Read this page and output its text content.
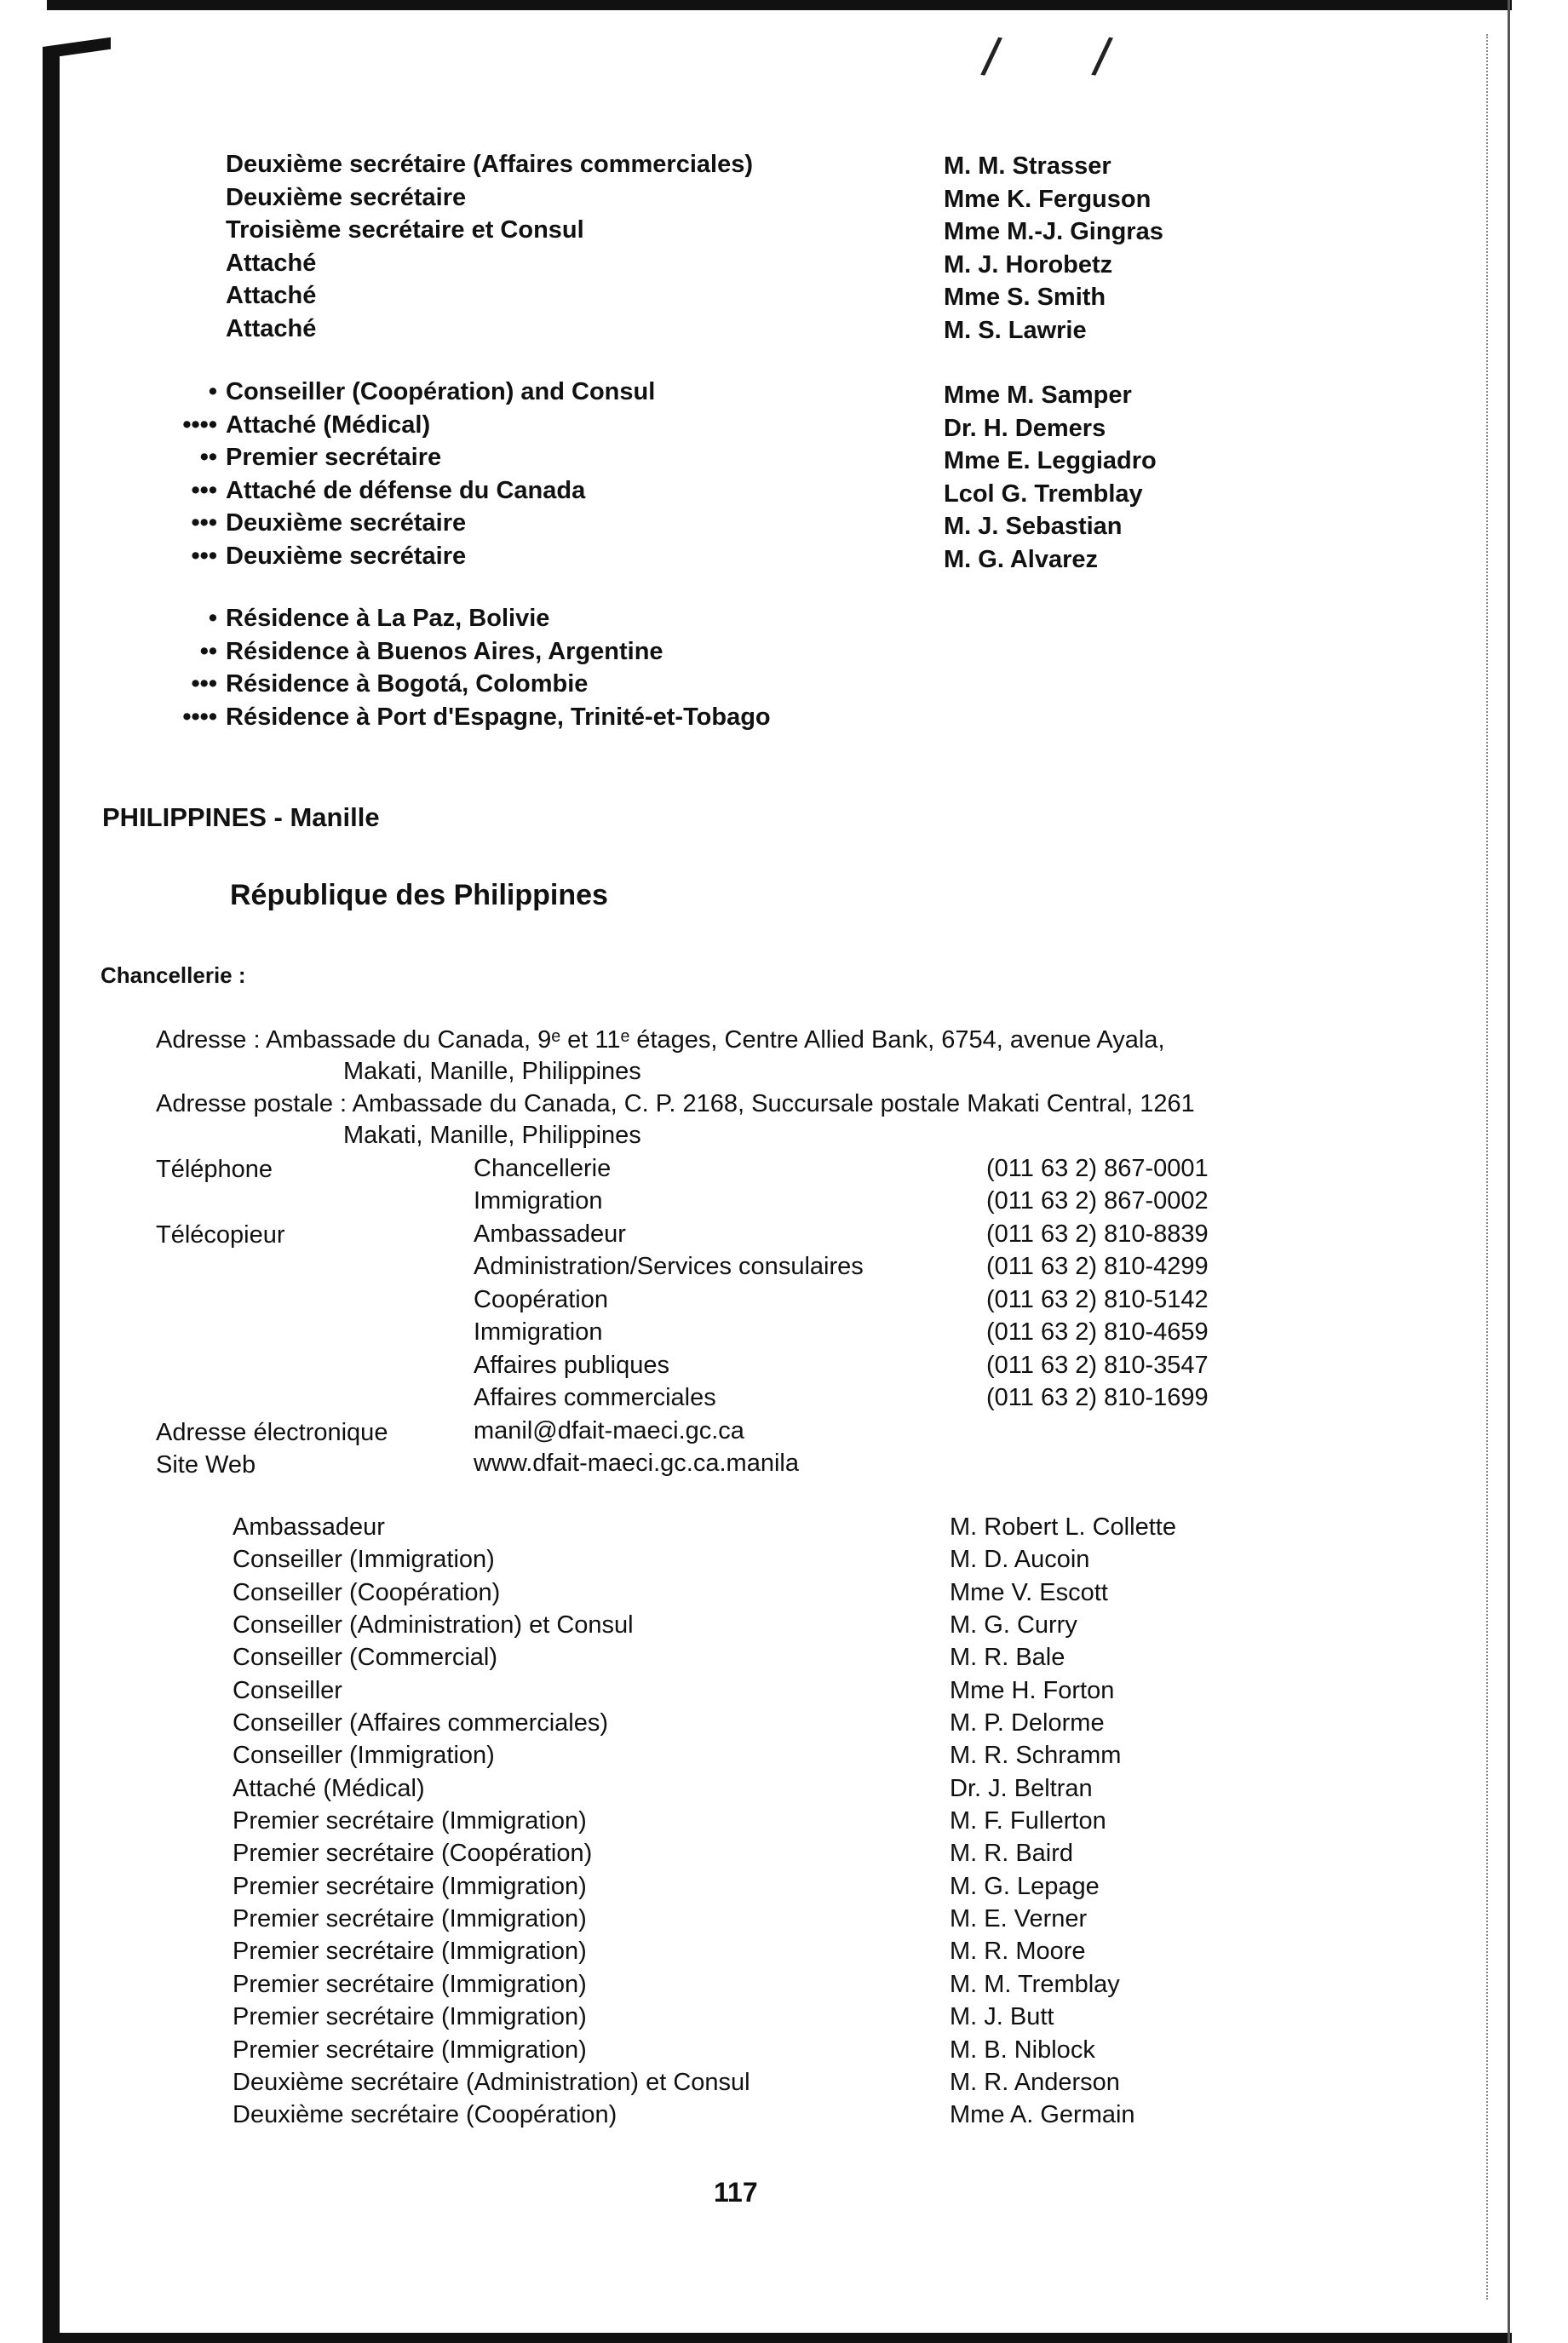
/ /
Deuxième secrétaire (Affaires commerciales)
Deuxième secrétaire
Troisième secrétaire et Consul
Attaché
Attaché
Attaché
M. M. Strasser
Mme K. Ferguson
Mme M.-J. Gingras
M. J. Horobetz
Mme S. Smith
M. S. Lawrie
•
••••
••
•••
•••
•••
Conseiller (Coopération) and Consul
Attaché (Médical)
Premier secrétaire
Attaché de défense du Canada
Deuxième secrétaire
Deuxième secrétaire
Mme M. Samper
Dr. H. Demers
Mme E. Leggiadro
Lcol G. Tremblay
M. J. Sebastian
M. G. Alvarez
•
••
•••
••••
Résidence à La Paz, Bolivie
Résidence à Buenos Aires, Argentine
Résidence à Bogotá, Colombie
Résidence à Port d'Espagne, Trinité-et-Tobago
PHILIPPINES - Manille
République des Philippines
Chancellerie :
Adresse : Ambassade du Canada, 9ᵉ et 11ᵉ étages, Centre Allied Bank, 6754, avenue Ayala,
Makati, Manille, Philippines
Adresse postale : Ambassade du Canada, C. P. 2168, Succursale postale Makati Central, 1261
Makati, Manille, Philippines
Téléphone
Télécopieur
Chancellerie
Immigration
Ambassadeur
Administration/Services consulaires
Coopération
Immigration
Affaires publiques
Affaires commerciales
(011 63 2) 867-0001
(011 63 2) 867-0002
(011 63 2) 810-8839
(011 63 2) 810-4299
(011 63 2) 810-5142
(011 63 2) 810-4659
(011 63 2) 810-3547
(011 63 2) 810-1699
Adresse électronique	manil@dfait-maeci.gc.ca
Site Web	www.dfait-maeci.gc.ca.manila
Ambassadeur
Conseiller (Immigration)
Conseiller (Coopération)
Conseiller (Administration) et Consul
Conseiller (Commercial)
Conseiller
Conseiller (Affaires commerciales)
Conseiller (Immigration)
Attaché (Médical)
Premier secrétaire (Immigration)
Premier secrétaire (Coopération)
Premier secrétaire (Immigration)
Premier secrétaire (Immigration)
Premier secrétaire (Immigration)
Premier secrétaire (Immigration)
Premier secrétaire (Immigration)
Premier secrétaire (Immigration)
Deuxième secrétaire (Administration) et Consul
Deuxième secrétaire (Coopération)
M. Robert L. Collette
M. D. Aucoin
Mme V. Escott
M. G. Curry
M. R. Bale
Mme H. Forton
M. P. Delorme
M. R. Schramm
Dr. J. Beltran
M. F. Fullerton
M. R. Baird
M. G. Lepage
M. E. Verner
M. R. Moore
M. M. Tremblay
M. J. Butt
M. B. Niblock
M. R. Anderson
Mme A. Germain
117
